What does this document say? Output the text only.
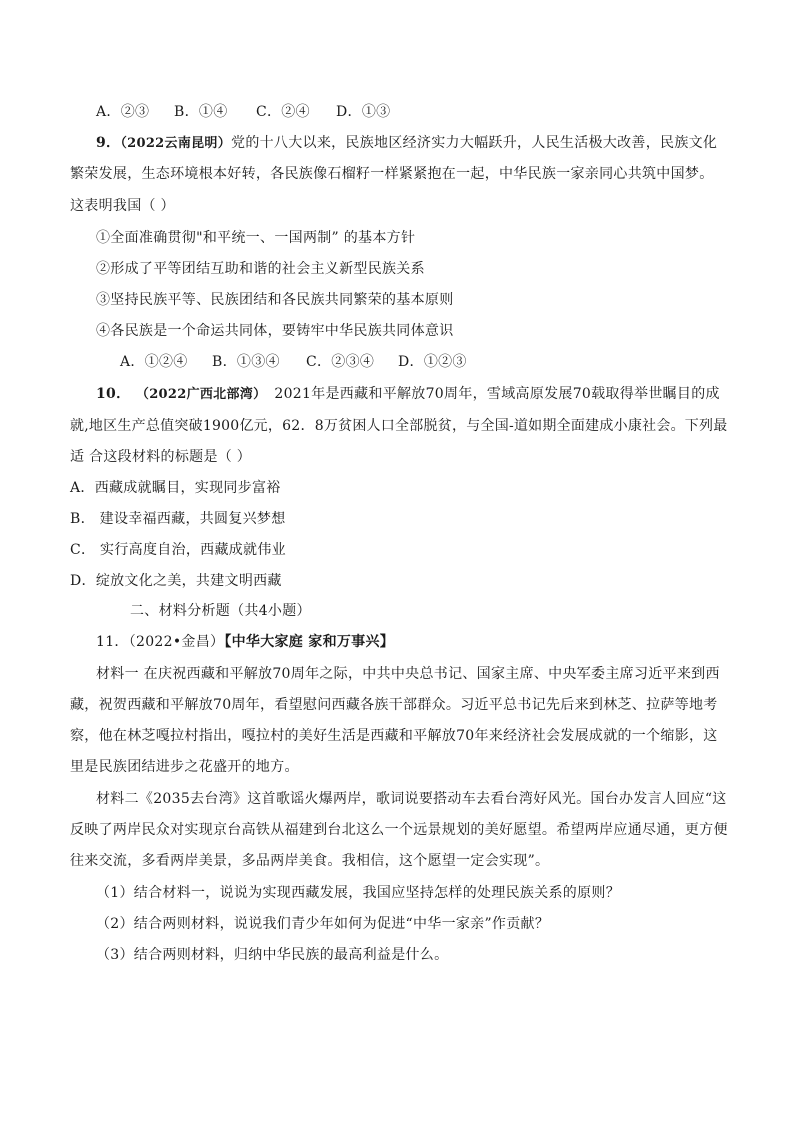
A．②③ B．①④ C．②④ D．①③
9．（2022云南昆明）党的十八大以来，民族地区经济实力大幅跃升，人民生活极大改善，民族文化
繁荣发展，生态环境根本好转，各民族像石榴籽一样紧紧抱在一起，中华民族一家亲同心共筑中国梦。
这表明我国（ ）
①全面准确贯彻"和平统一、一国两制” 的基本方针
②形成了平等团结互助和谐的社会主义新型民族关系
③坚持民族平等、民族团结和各民族共同繁荣的基本原则
④各民族是一个命运共同体，要铸牢中华民族共同体意识
A．①②④ B．①③④ C．②③④ D．①②③
10． （2022广西北部湾） 2021年是西藏和平解放70周年，雪域高原发展70载取得举世瞩目的成
就,地区生产总值突破1900亿元，62．8万贫困人口全部脱贫，与全国-道如期全面建成小康社会。下列最
适 合这段材料的标题是（ ）
A．西藏成就瞩目，实现同步富裕
B． 建设幸福西藏，共圆复兴梦想
C． 实行高度自治，西藏成就伟业
D．绽放文化之美，共建文明西藏
二、材料分析题（共4小题）
11．（2022•金昌）【中华大家庭 家和万事兴】
材料一 在庆祝西藏和平解放70周年之际，中共中央总书记、国家主席、中央军委主席习近平来到西
藏，祝贺西藏和平解放70周年，看望慰问西藏各族干部群众。习近平总书记先后来到林芝、拉萨等地考
察，他在林芝嘎拉村指出，嘎拉村的美好生活是西藏和平解放70年来经济社会发展成就的一个缩影，这
里是民族团结进步之花盛开的地方。
材料二《2035去台湾》这首歌谣火爆两岸，歌词说要搭动车去看台湾好风光。国台办发言人回应“这
反映了两岸民众对实现京台高铁从福建到台北这么一个远景规划的美好愿望。希望两岸应通尽通，更方便
往来交流，多看两岸美景，多品两岸美食。我相信，这个愿望一定会实现”。
（1）结合材料一，说说为实现西藏发展，我国应坚持怎样的处理民族关系的原则？
（2）结合两则材料，说说我们青少年如何为促进“中华一家亲”作贡献？
（3）结合两则材料，归纳中华民族的最高利益是什么。
